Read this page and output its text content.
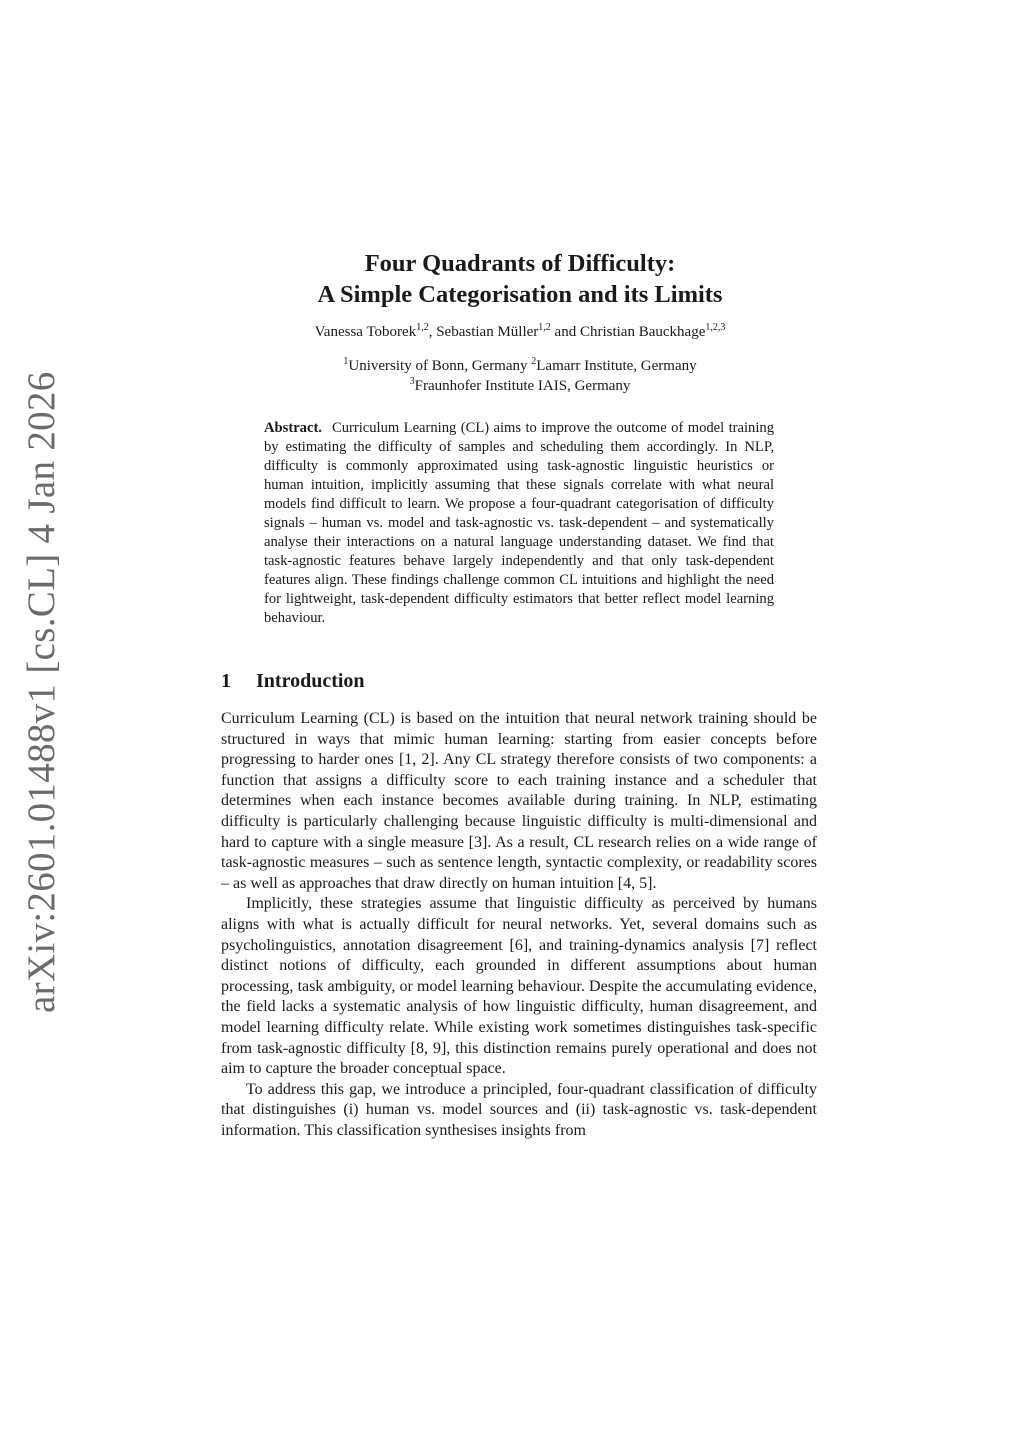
arXiv:2601.01488v1 [cs.CL] 4 Jan 2026
Four Quadrants of Difficulty:
A Simple Categorisation and its Limits
Vanessa Toborek$^{1,2}$, Sebastian Müller$^{1,2}$ and Christian Bauckhage$^{1,2,3}$
$^1$University of Bonn, Germany $^2$Lamarr Institute, Germany
$^3$Fraunhofer Institute IAIS, Germany
Abstract. Curriculum Learning (CL) aims to improve the outcome of model training by estimating the difficulty of samples and scheduling them accordingly. In NLP, difficulty is commonly approximated using task-agnostic linguistic heuristics or human intuition, implicitly assuming that these signals correlate with what neural models find difficult to learn. We propose a four-quadrant categorisation of difficulty signals – human vs. model and task-agnostic vs. task-dependent – and systematically analyse their interactions on a natural language understanding dataset. We find that task-agnostic features behave largely independently and that only task-dependent features align. These findings challenge common CL intuitions and highlight the need for lightweight, task-dependent difficulty estimators that better reflect model learning behaviour.
1 Introduction

Curriculum Learning (CL) is based on the intuition that neural network training should be structured in ways that mimic human learning: starting from easier concepts before progressing to harder ones [1, 2]. Any CL strategy therefore consists of two components: a function that assigns a difficulty score to each training instance and a scheduler that determines when each instance becomes available during training. In NLP, estimating difficulty is particularly challenging because linguistic difficulty is multi-dimensional and hard to capture with a single measure [3]. As a result, CL research relies on a wide range of task-agnostic measures – such as sentence length, syntactic complexity, or readability scores – as well as approaches that draw directly on human intuition [4, 5].

Implicitly, these strategies assume that linguistic difficulty as perceived by humans aligns with what is actually difficult for neural networks. Yet, several domains such as psycholinguistics, annotation disagreement [6], and training-dynamics analysis [7] reflect distinct notions of difficulty, each grounded in different assumptions about human processing, task ambiguity, or model learning behaviour. Despite the accumulating evidence, the field lacks a systematic analysis of how linguistic difficulty, human disagreement, and model learning difficulty relate. While existing work sometimes distinguishes task-specific from task-agnostic difficulty [8, 9], this distinction remains purely operational and does not aim to capture the broader conceptual space.

To address this gap, we introduce a principled, four-quadrant classification of difficulty that distinguishes (i) human vs. model sources and (ii) task-agnostic vs. task-dependent information. This classification synthesises insights from
